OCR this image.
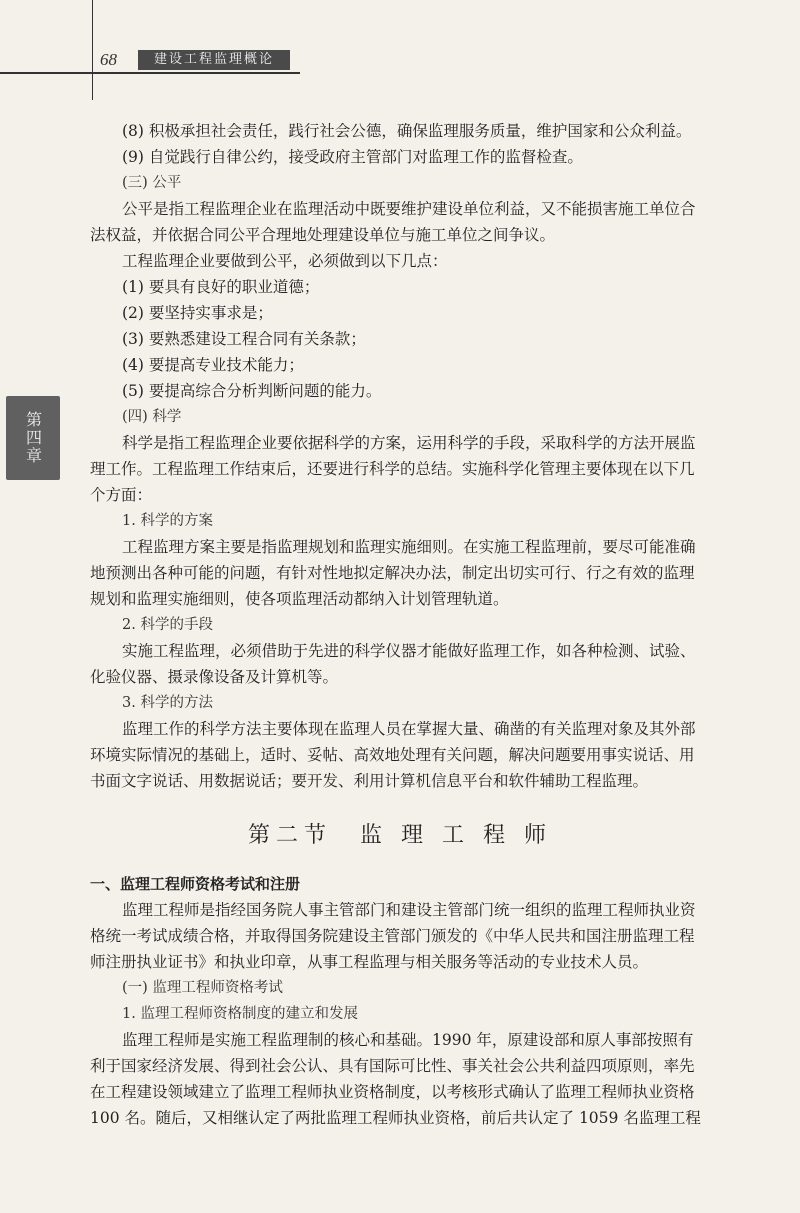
68	建设工程监理概论
第四章
(8) 积极承担社会责任，践行社会公德，确保监理服务质量，维护国家和公众利益。
(9) 自觉践行自律公约，接受政府主管部门对监理工作的监督检查。
(三) 公平
公平是指工程监理企业在监理活动中既要维护建设单位利益，又不能损害施工单位合
法权益，并依据合同公平合理地处理建设单位与施工单位之间争议。
工程监理企业要做到公平，必须做到以下几点：
(1) 要具有良好的职业道德；
(2) 要坚持实事求是；
(3) 要熟悉建设工程合同有关条款；
(4) 要提高专业技术能力；
(5) 要提高综合分析判断问题的能力。
(四) 科学
科学是指工程监理企业要依据科学的方案，运用科学的手段，采取科学的方法开展监
理工作。工程监理工作结束后，还要进行科学的总结。实施科学化管理主要体现在以下几
个方面：
1. 科学的方案
工程监理方案主要是指监理规划和监理实施细则。在实施工程监理前，要尽可能准确
地预测出各种可能的问题，有针对性地拟定解决办法，制定出切实可行、行之有效的监理
规划和监理实施细则，使各项监理活动都纳入计划管理轨道。
2. 科学的手段
实施工程监理，必须借助于先进的科学仪器才能做好监理工作，如各种检测、试验、
化验仪器、摄录像设备及计算机等。
3. 科学的方法
监理工作的科学方法主要体现在监理人员在掌握大量、确凿的有关监理对象及其外部
环境实际情况的基础上，适时、妥帖、高效地处理有关问题，解决问题要用事实说话、用
书面文字说话、用数据说话；要开发、利用计算机信息平台和软件辅助工程监理。
第二节 监 理 工 程 师
一、监理工程师资格考试和注册
监理工程师是指经国务院人事主管部门和建设主管部门统一组织的监理工程师执业资
格统一考试成绩合格，并取得国务院建设主管部门颁发的《中华人民共和国注册监理工程
师注册执业证书》和执业印章，从事工程监理与相关服务等活动的专业技术人员。
(一) 监理工程师资格考试
1. 监理工程师资格制度的建立和发展
监理工程师是实施工程监理制的核心和基础。1990 年，原建设部和原人事部按照有
利于国家经济发展、得到社会公认、具有国际可比性、事关社会公共利益四项原则，率先
在工程建设领域建立了监理工程师执业资格制度，以考核形式确认了监理工程师执业资格
100 名。随后，又相继认定了两批监理工程师执业资格，前后共认定了 1059 名监理工程
